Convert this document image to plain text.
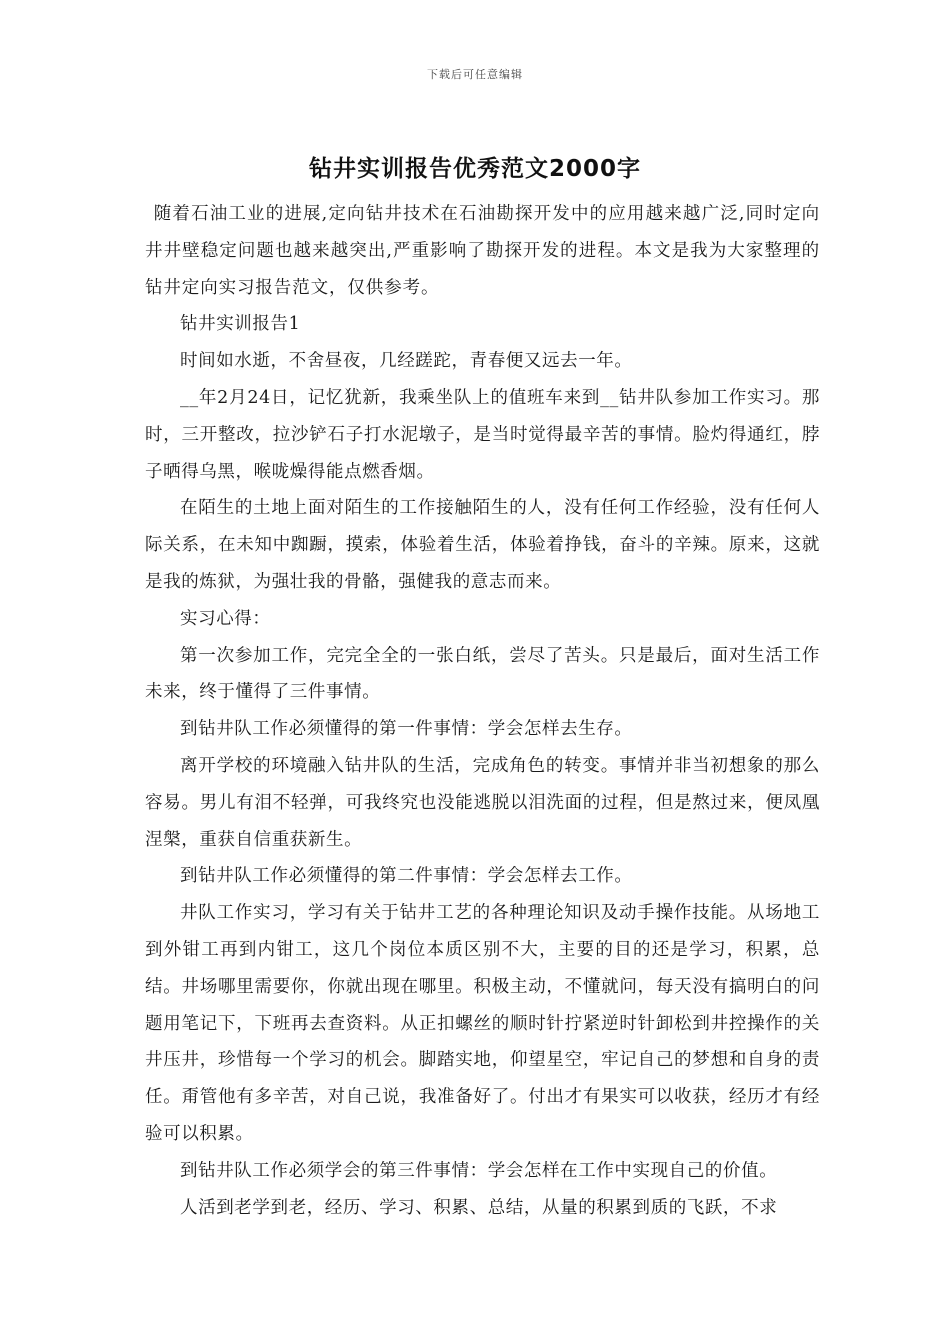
下载后可任意编辑
钻井实训报告优秀范文2000字

随着石油工业的进展,定向钻井技术在石油勘探开发中的应用越来越广泛,同时定向井井壁稳定问题也越来越突出,严重影响了勘探开发的进程。本文是我为大家整理的钻井定向实习报告范文，仅供参考。

钻井实训报告1

时间如水逝，不舍昼夜，几经蹉跎，青春便又远去一年。

__年2月24日，记忆犹新，我乘坐队上的值班车来到__钻井队参加工作实习。那时，三开整改，拉沙铲石子打水泥墩子，是当时觉得最辛苦的事情。脸灼得通红，脖子晒得乌黑，喉咙燥得能点燃香烟。

在陌生的土地上面对陌生的工作接触陌生的人，没有任何工作经验，没有任何人际关系，在未知中踟蹰，摸索，体验着生活，体验着挣钱，奋斗的辛辣。原来，这就是我的炼狱，为强壮我的骨骼，强健我的意志而来。

实习心得：

第一次参加工作，完完全全的一张白纸，尝尽了苦头。只是最后，面对生活工作未来，终于懂得了三件事情。

到钻井队工作必须懂得的第一件事情：学会怎样去生存。

离开学校的环境融入钻井队的生活，完成角色的转变。事情并非当初想象的那么容易。男儿有泪不轻弹，可我终究也没能逃脱以泪洗面的过程，但是熬过来，便凤凰涅槃，重获自信重获新生。

到钻井队工作必须懂得的第二件事情：学会怎样去工作。

井队工作实习，学习有关于钻井工艺的各种理论知识及动手操作技能。从场地工到外钳工再到内钳工，这几个岗位本质区别不大，主要的目的还是学习，积累，总结。井场哪里需要你，你就出现在哪里。积极主动，不懂就问，每天没有搞明白的问题用笔记下，下班再去查资料。从正扣螺丝的顺时针拧紧逆时针卸松到井控操作的关井压井，珍惜每一个学习的机会。脚踏实地，仰望星空，牢记自己的梦想和自身的责任。甭管他有多辛苦，对自己说，我准备好了。付出才有果实可以收获，经历才有经验可以积累。

到钻井队工作必须学会的第三件事情：学会怎样在工作中实现自己的价值。

人活到老学到老，经历、学习、积累、总结，从量的积累到质的飞跃，不求
